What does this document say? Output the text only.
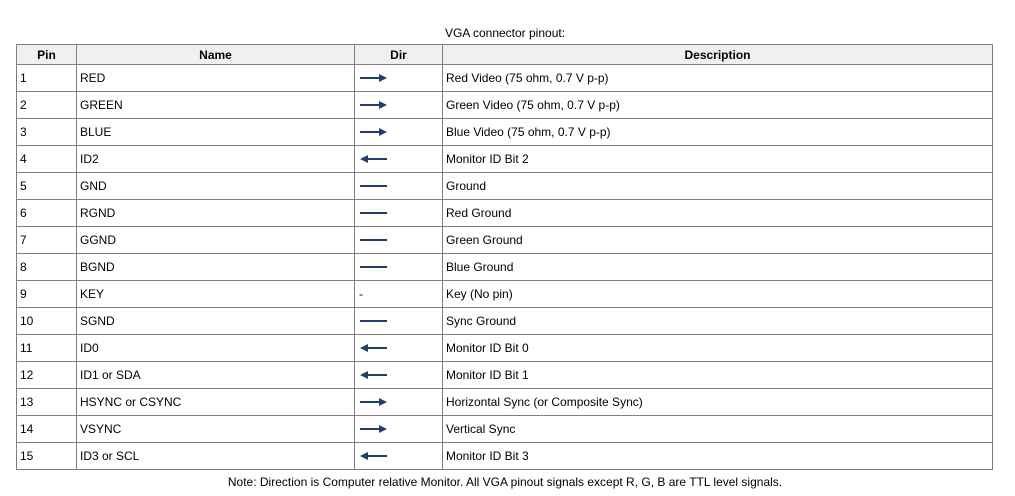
VGA connector pinout:
Pin	Name	Dir	Description
1	RED		Red Video (75 ohm, 0.7 V p-p)
2	GREEN		Green Video (75 ohm, 0.7 V p-p)
3	BLUE		Blue Video (75 ohm, 0.7 V p-p)
4	ID2		Monitor ID Bit 2
5	GND		Ground
6	RGND		Red Ground
7	GGND		Green Ground
8	BGND		Blue Ground
9	KEY	-	Key (No pin)
10	SGND		Sync Ground
11	ID0		Monitor ID Bit 0
12	ID1 or SDA		Monitor ID Bit 1
13	HSYNC or CSYNC		Horizontal Sync (or Composite Sync)
14	VSYNC		Vertical Sync
15	ID3 or SCL		Monitor ID Bit 3
Note: Direction is Computer relative Monitor. All VGA pinout signals except R, G, B are TTL level signals.
